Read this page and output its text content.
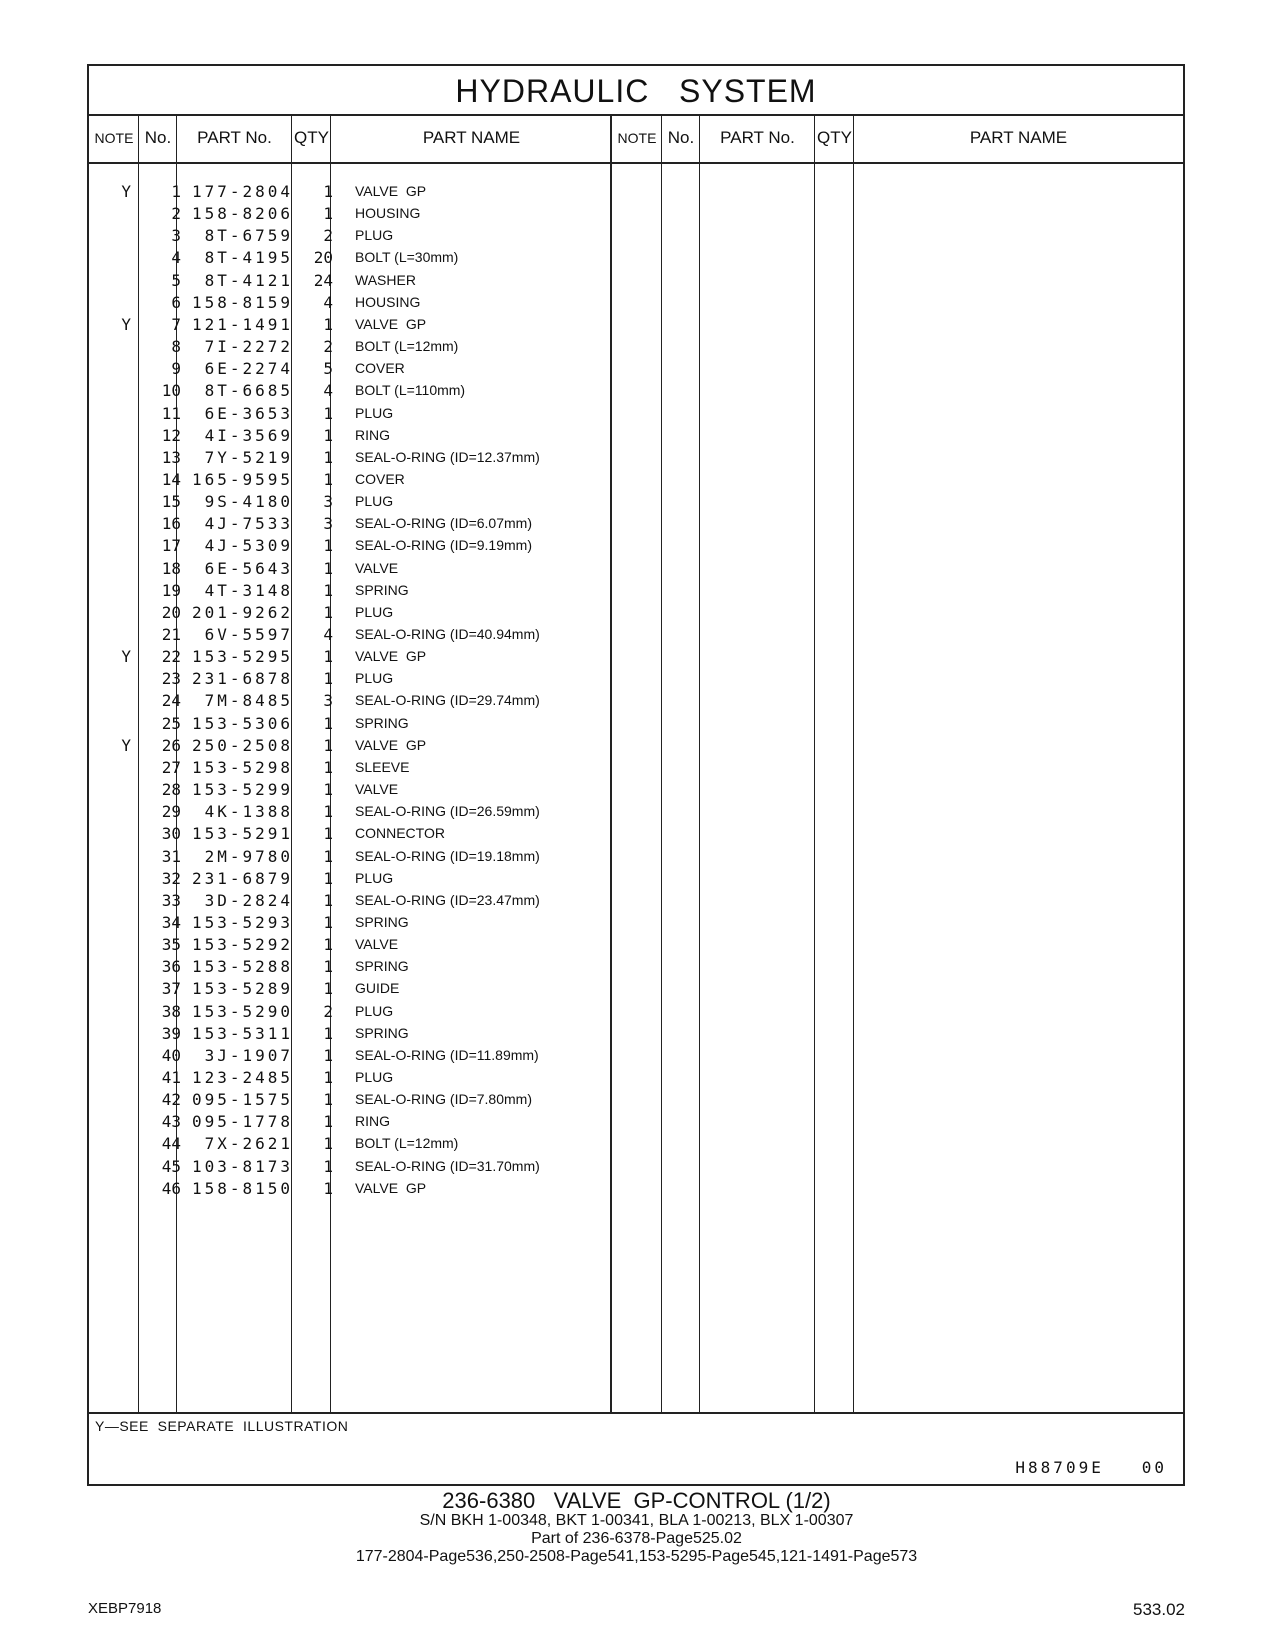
HYDRAULIC   SYSTEM
NOTE No.	PART No.	QTY	PART NAME	NOTE No.	PART No.	QTY	PART NAME
Y	1 177-2804	1 VALVE  GP
2 158-8206	1 HOUSING
3	8T-6759	2 PLUG
4	8T-4195	20 BOLT (L=30mm)
5	8T-4121	24 WASHER
6 158-8159	4 HOUSING
Y	7 121-1491	1 VALVE  GP
8	7I-2272	2 BOLT (L=12mm)
9	6E-2274	5 COVER
10	8T-6685	4 BOLT (L=110mm)
11	6E-3653	1 PLUG
12	4I-3569	1 RING
13	7Y-5219	1 SEAL-O-RING (ID=12.37mm)
14 165-9595	1 COVER
15	9S-4180	3 PLUG
16	4J-7533	3 SEAL-O-RING (ID=6.07mm)
17	4J-5309	1 SEAL-O-RING (ID=9.19mm)
18	6E-5643	1 VALVE
19	4T-3148	1 SPRING
20 201-9262	1 PLUG
21	6V-5597	4 SEAL-O-RING (ID=40.94mm)
Y	22 153-5295	1 VALVE  GP
23 231-6878	1 PLUG
24	7M-8485	3 SEAL-O-RING (ID=29.74mm)
25 153-5306	1 SPRING
Y	26 250-2508	1 VALVE  GP
27 153-5298	1 SLEEVE
28 153-5299	1 VALVE
29	4K-1388	1 SEAL-O-RING (ID=26.59mm)
30 153-5291	1 CONNECTOR
31	2M-9780	1 SEAL-O-RING (ID=19.18mm)
32 231-6879	1 PLUG
33	3D-2824	1 SEAL-O-RING (ID=23.47mm)
34 153-5293	1 SPRING
35 153-5292	1 VALVE
36 153-5288	1 SPRING
37 153-5289	1 GUIDE
38 153-5290	2 PLUG
39 153-5311	1 SPRING
40	3J-1907	1 SEAL-O-RING (ID=11.89mm)
41 123-2485	1 PLUG
42 095-1575	1 SEAL-O-RING (ID=7.80mm)
43 095-1778	1 RING
44	7X-2621	1 BOLT (L=12mm)
45 103-8173	1 SEAL-O-RING (ID=31.70mm)
46 158-8150	1 VALVE  GP
Y—SEE  SEPARATE  ILLUSTRATION
H88709E   00
236-6380   VALVE  GP-CONTROL (1/2)
S/N BKH 1-00348, BKT 1-00341, BLA 1-00213, BLX 1-00307
Part of 236-6378-Page525.02
177-2804-Page536,250-2508-Page541,153-5295-Page545,121-1491-Page573
XEBP7918	533.02
